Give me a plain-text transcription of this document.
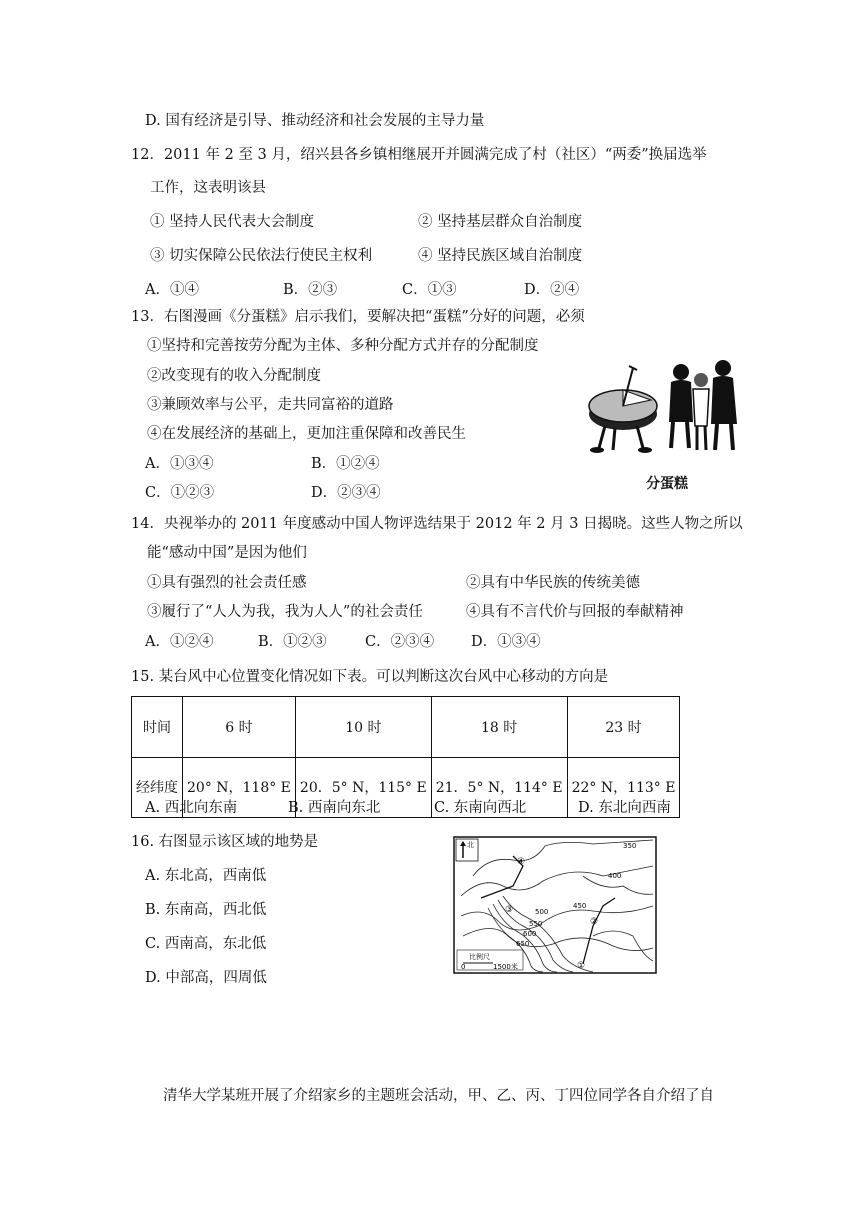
D. 国有经济是引导、推动经济和社会发展的主导力量
12．2011 年 2 至 3 月，绍兴县各乡镇相继展开并圆满完成了村（社区）“两委”换届选举
工作，这表明该县
① 坚持人民代表大会制度	② 坚持基层群众自治制度
③ 切实保障公民依法行使民主权利	④ 坚持民族区域自治制度
A．①④	B．②③	C．①③	D．②④
13．右图漫画《分蛋糕》启示我们，要解决把“蛋糕”分好的问题，必须
①坚持和完善按劳分配为主体、多种分配方式并存的分配制度
②改变现有的收入分配制度
③兼顾效率与公平，走共同富裕的道路
④在发展经济的基础上，更加注重保障和改善民生
A．①③④	B．①②④
C．①②③	D．②③④
分蛋糕
14．央视举办的 2011 年度感动中国人物评选结果于 2012 年 2 月 3 日揭晓。这些人物之所以
能“感动中国”是因为他们
①具有强烈的社会责任感	②具有中华民族的传统美德
③履行了“人人为我，我为人人”的社会责任	④具有不言代价与回报的奉献精神
A．①②④	B．①②③	C．②③④	D．①③④
15. 某台风中心位置变化情况如下表。可以判断这次台风中心移动的方向是
时间	6 时	10 时	18 时	23 时
经纬度	20° N，118° E	20．5° N，115° E	21．5° N，114° E	22° N，113° E
A. 西北向东南	B. 西南向东北	C. 东南向西北	D. 东北向西南
16. 右图显示该区域的地势是
A. 东北高，西南低
B. 东南高，西北低
C. 西南高，东北低
D. 中部高，四周低
北	350
400
450
500
550
600
650
①
②
③
④
比例尺
0	1500米
清华大学某班开展了介绍家乡的主题班会活动，甲、乙、丙、丁四位同学各自介绍了自
